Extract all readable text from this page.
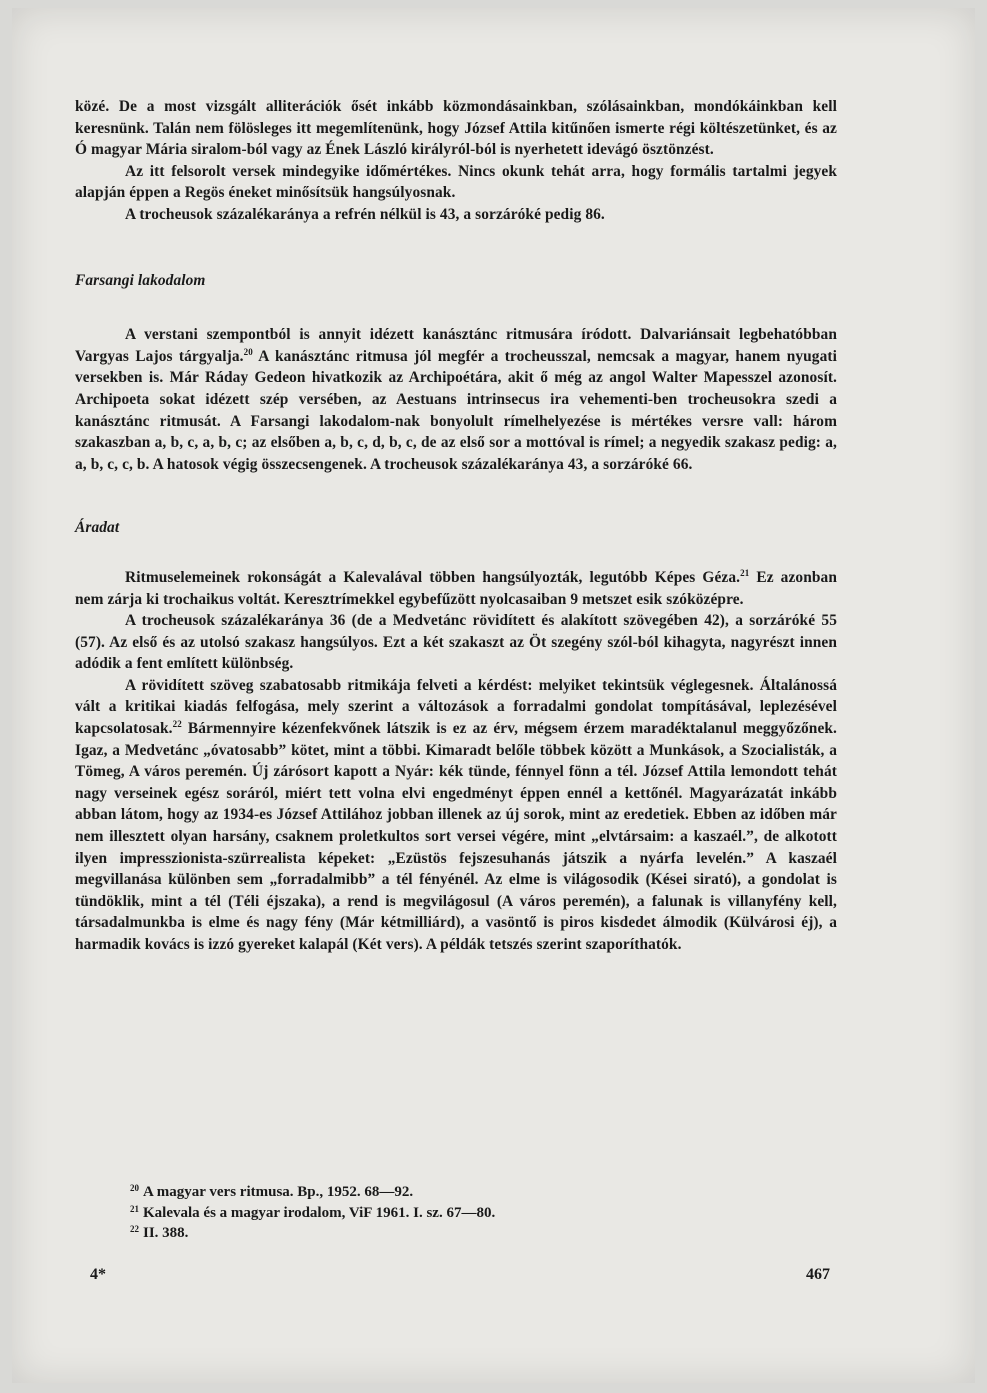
közé. De a most vizsgált alliterációk ősét inkább közmondásainkban, szólásainkban, mondókáinkban kell keresnünk. Talán nem fölösleges itt megemlítenünk, hogy József Attila kitűnően ismerte régi költészetünket, és az Ó magyar Mária siralom-ból vagy az Ének László királyról-ból is nyerhetett idevágó ösztönzést.

Az itt felsorolt versek mindegyike időmértékes. Nincs okunk tehát arra, hogy formális tartalmi jegyek alapján éppen a Regös éneket minősítsük hangsúlyosnak.

A trocheusok százalékaránya a refrén nélkül is 43, a sorzáróké pedig 86.

Farsangi lakodalom

A verstani szempontból is annyit idézett kanásztánc ritmusára íródott. Dalvariánsait legbehatóbban Vargyas Lajos tárgyalja.$^{20}$ A kanásztánc ritmusa jól megfér a trocheusszal, nemcsak a magyar, hanem nyugati versekben is. Már Ráday Gedeon hivatkozik az Archipoétára, akit ő még az angol Walter Mapesszel azonosít. Archipoeta sokat idézett szép versében, az Aestuans intrinsecus ira vehementi-ben trocheusokra szedi a kanásztánc ritmusát. A Farsangi lakodalom-nak bonyolult rímelhelyezése is mértékes versre vall: három szakaszban a, b, c, a, b, c; az elsőben a, b, c, d, b, c, de az első sor a mottóval is rímel; a negyedik szakasz pedig: a, a, b, c, c, b. A hatosok végig összecsengenek. A trocheusok százalékaránya 43, a sorzáróké 66.

Áradat

Ritmuselemeinek rokonságát a Kalevalával többen hangsúlyozták, legutóbb Képes Géza.$^{21}$ Ez azonban nem zárja ki trochaikus voltát. Keresztrímekkel egybefűzött nyolcasaiban 9 metszet esik szóközépre.

A trocheusok százalékaránya 36 (de a Medvetánc rövidített és alakított szövegében 42), a sorzáróké 55 (57). Az első és az utolsó szakasz hangsúlyos. Ezt a két szakaszt az Öt szegény szól-ból kihagyta, nagyrészt innen adódik a fent említett különbség.

A rövidített szöveg szabatosabb ritmikája felveti a kérdést: melyiket tekintsük véglegesnek. Általánossá vált a kritikai kiadás felfogása, mely szerint a változások a forradalmi gondolat tompításával, leplezésével kapcsolatosak.$^{22}$ Bármennyire kézenfekvőnek látszik is ez az érv, mégsem érzem maradéktalanul meggyőzőnek. Igaz, a Medvetánc „óvatosabb” kötet, mint a többi. Kimaradt belőle többek között a Munkások, a Szocialisták, a Tömeg, A város peremén. Új zárósort kapott a Nyár: kék tünde, fénnyel fönn a tél. József Attila lemondott tehát nagy verseinek egész soráról, miért tett volna elvi engedményt éppen ennél a kettőnél. Magyarázatát inkább abban látom, hogy az 1934-es József Attilához jobban illenek az új sorok, mint az eredetiek. Ebben az időben már nem illesztett olyan harsány, csaknem proletkultos sort versei végére, mint „elvtársaim: a kaszaél.”, de alkotott ilyen impresszionista-szürrealista képeket: „Ezüstös fejszesuhanás játszik a nyárfa levelén.” A kaszaél megvillanása különben sem „forradalmibb” a tél fényénél. Az elme is világosodik (Kései sirató), a gondolat is tündöklik, mint a tél (Téli éjszaka), a rend is megvilágosul (A város peremén), a falunak is villanyfény kell, társadalmunkba is elme és nagy fény (Már kétmilliárd), a vasöntő is piros kisdedet álmodik (Külvárosi éj), a harmadik kovács is izzó gyereket kalapál (Két vers). A példák tetszés szerint szaporíthatók.

$^{20}$ A magyar vers ritmusa. Bp., 1952. 68—92.
$^{21}$ Kalevala és a magyar irodalom, ViF 1961. I. sz. 67—80.
$^{22}$ II. 388.
4*	467
